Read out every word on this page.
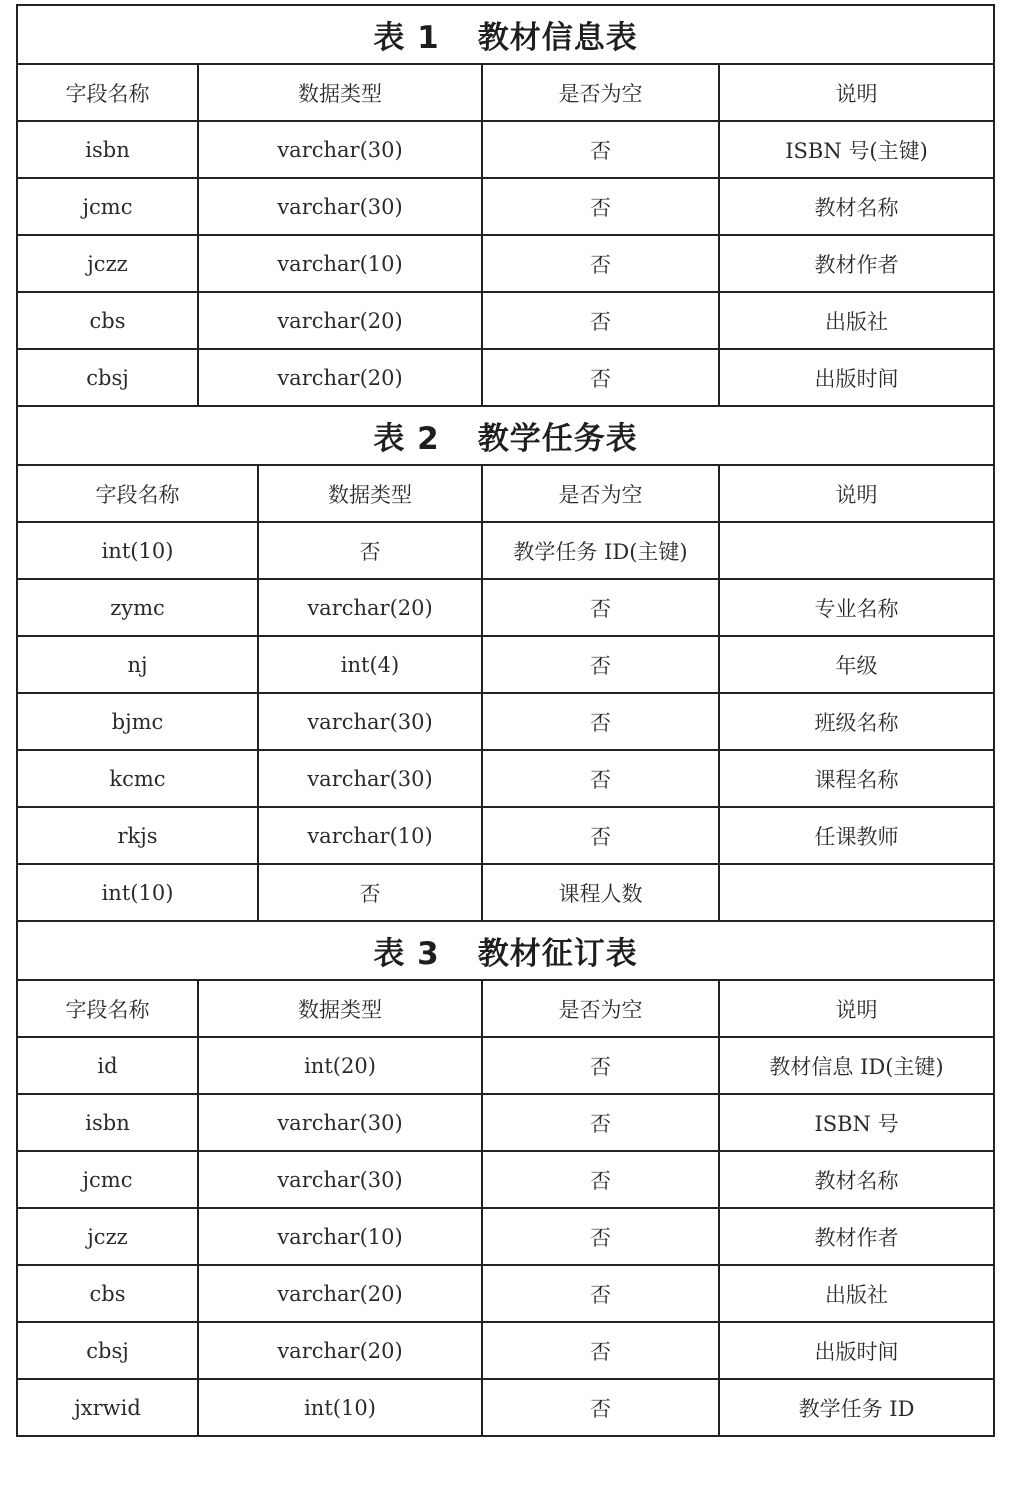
表 1 教材信息表				
字段名称	数据类型		是否为空	说明
isbn	varchar(30)		否	ISBN 号(主键)
jcmc	varchar(30)		否	教材名称
jczz	varchar(10)		否	教材作者
cbs	varchar(20)		否	出版社
cbsj	varchar(20)		否	出版时间
表 2 教学任务表				
字段名称		数据类型	是否为空	说明
int(10)		否	教学任务 ID(主键)	
zymc		varchar(20)	否	专业名称
nj		int(4)	否	年级
bjmc		varchar(30)	否	班级名称
kcmc		varchar(30)	否	课程名称
rkjs		varchar(10)	否	任课教师
int(10)		否	课程人数	
表 3 教材征订表				
字段名称	数据类型		是否为空	说明
id	int(20)		否	教材信息 ID(主键)
isbn	varchar(30)		否	ISBN 号
jcmc	varchar(30)		否	教材名称
jczz	varchar(10)		否	教材作者
cbs	varchar(20)		否	出版社
cbsj	varchar(20)		否	出版时间
jxrwid	int(10)		否	教学任务 ID
